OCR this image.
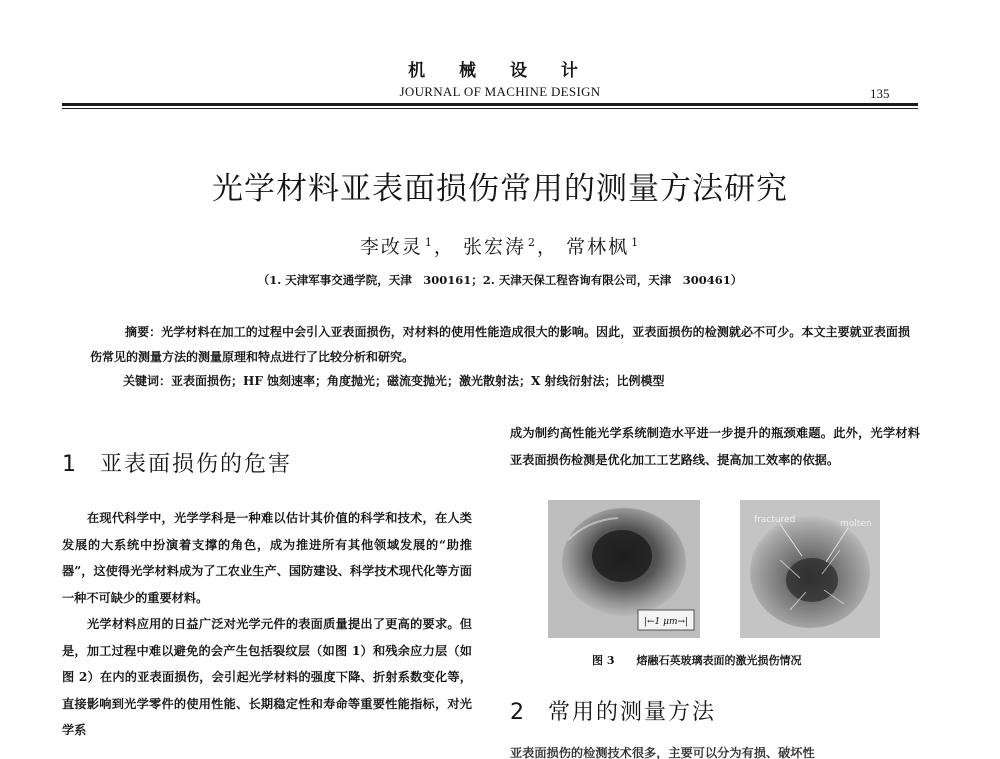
机 械 设 计
JOURNAL OF MACHINE DESIGN	135
光学材料亚表面损伤常用的测量方法研究
李改灵 $^1$， 张宏涛 $^2$， 常林枫 $^1$
（1. 天津军事交通学院，天津　300161；2. 天津天保工程咨询有限公司，天津　300461）
摘要：光学材料在加工的过程中会引入亚表面损伤，对材料的使用性能造成很大的影响。因此，亚表面损伤的检测就必不可少。本文主要就亚表面损伤常见的测量方法的测量原理和特点进行了比较分析和研究。
关键词：亚表面损伤；HF 蚀刻速率；角度抛光；磁流变抛光；激光散射法；X 射线衍射法；比例模型
1 亚表面损伤的危害

在现代科学中，光学学科是一种难以估计其价值的科学和技术，在人类发展的大系统中扮演着支撑的角色，成为推进所有其他领域发展的“助推器”，这使得光学材料成为了工农业生产、国防建设、科学技术现代化等方面一种不可缺少的重要材料。

光学材料应用的日益广泛对光学元件的表面质量提出了更高的要求。但是，加工过程中难以避免的会产生包括裂纹层（如图 1）和残余应力层（如图 2）在内的亚表面损伤，会引起光学材料的强度下降、折射系数变化等，直接影响到光学零件的使用性能、长期稳定性和寿命等重要性能指标，对光学系

成为制约高性能光学系统制造水平进一步提升的瓶颈难题。此外，光学材料亚表面损伤检测是优化加工工艺路线、提高加工效率的依据。

|←1 μm→|
fractured	molten
图 3 熔融石英玻璃表面的激光损伤情况
2 常用的测量方法
亚表面损伤的检测技术很多，主要可以分为有损、破坏性
